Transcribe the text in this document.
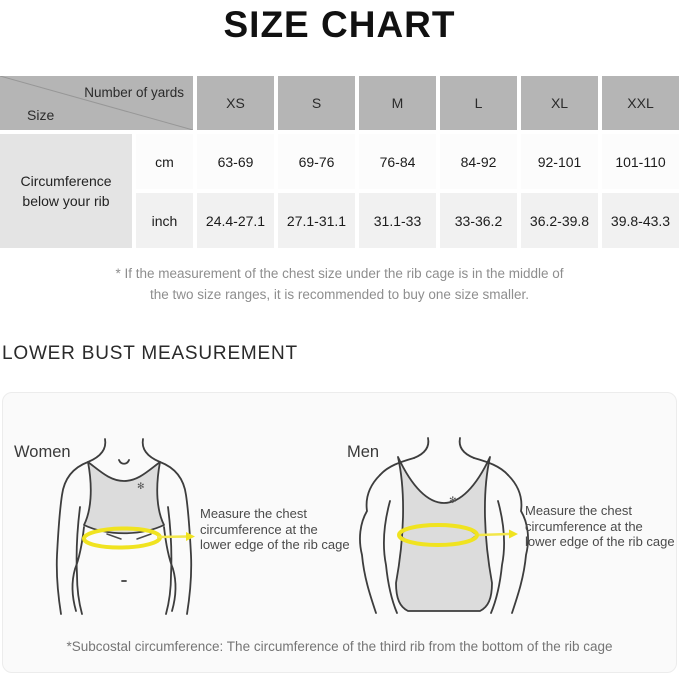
SIZE CHART
Number of yards
Size
XS	S	M	L	XL	XXL
Circumference below your rib
cm	63-69	69-76	76-84	84-92	92-101	101-110
inch	24.4-27.1	27.1-31.1	31.1-33	33-36.2	36.2-39.8	39.8-43.3
* If the measurement of the chest size under the rib cage is in the middle of
the two size ranges, it is recommended to buy one size smaller.
LOWER BUST MEASUREMENT
Women	Men
✻
✻
Measure the chest
circumference at the
lower edge of the rib cage
Measure the chest
circumference at the
lower edge of the rib cage
*Subcostal circumference: The circumference of the third rib from the bottom of the rib cage
